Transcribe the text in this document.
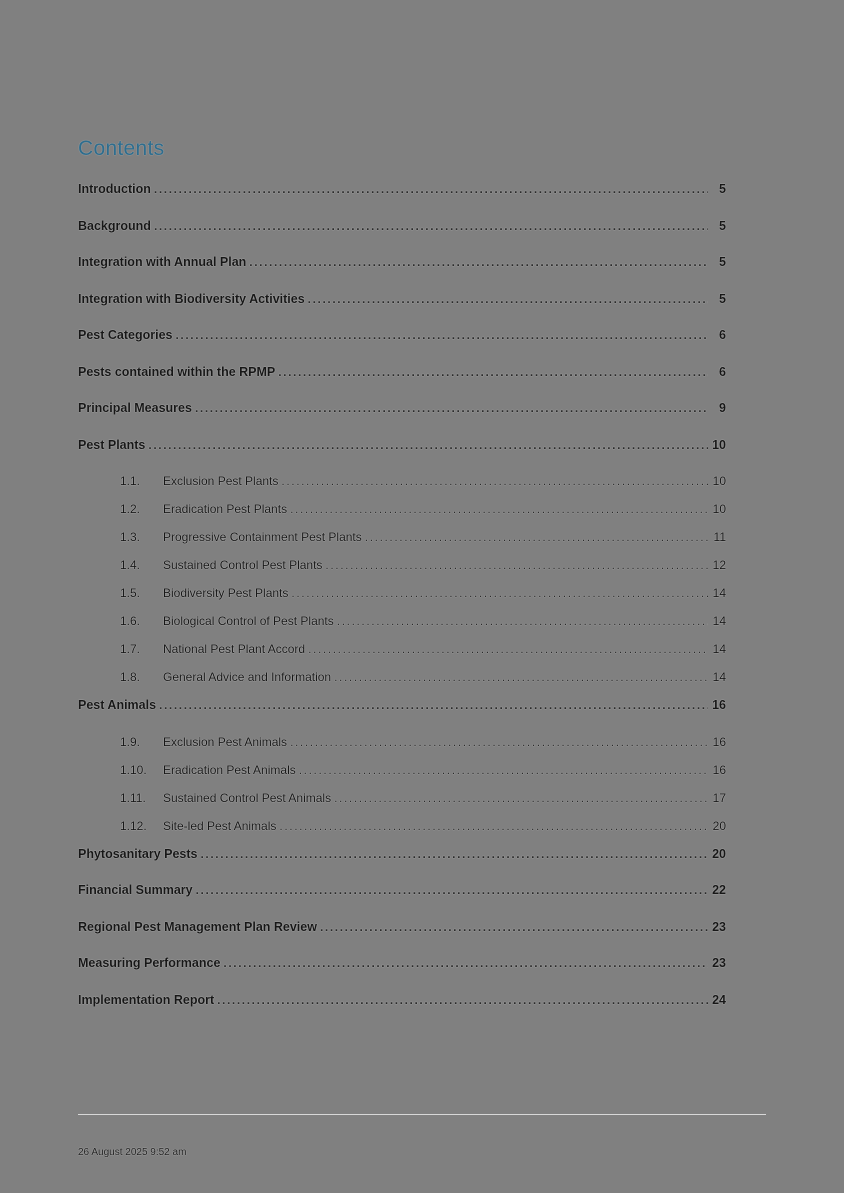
Contents
Introduction .....	5
Background .....	5
Integration with Annual Plan .....	5
Integration with Biodiversity Activities .....	5
Pest Categories .....	6
Pests contained within the RPMP .....	6
Principal Measures .....	9
Pest Plants .....	10
1.1.	Exclusion Pest Plants .....	10
1.2.	Eradication Pest Plants .....	10
1.3.	Progressive Containment Pest Plants .....	11
1.4.	Sustained Control Pest Plants .....	12
1.5.	Biodiversity Pest Plants .....	14
1.6.	Biological Control of Pest Plants .....	14
1.7.	National Pest Plant Accord .....	14
1.8.	General Advice and Information .....	14
Pest Animals .....	16
1.9.	Exclusion Pest Animals .....	16
1.10.	Eradication Pest Animals .....	16
1.11.	Sustained Control Pest Animals .....	17
1.12.	Site-led Pest Animals .....	20
Phytosanitary Pests .....	20
Financial Summary .....	22
Regional Pest Management Plan Review .....	23
Measuring Performance .....	23
Implementation Report .....	24
26 August 2025 9:52 am
